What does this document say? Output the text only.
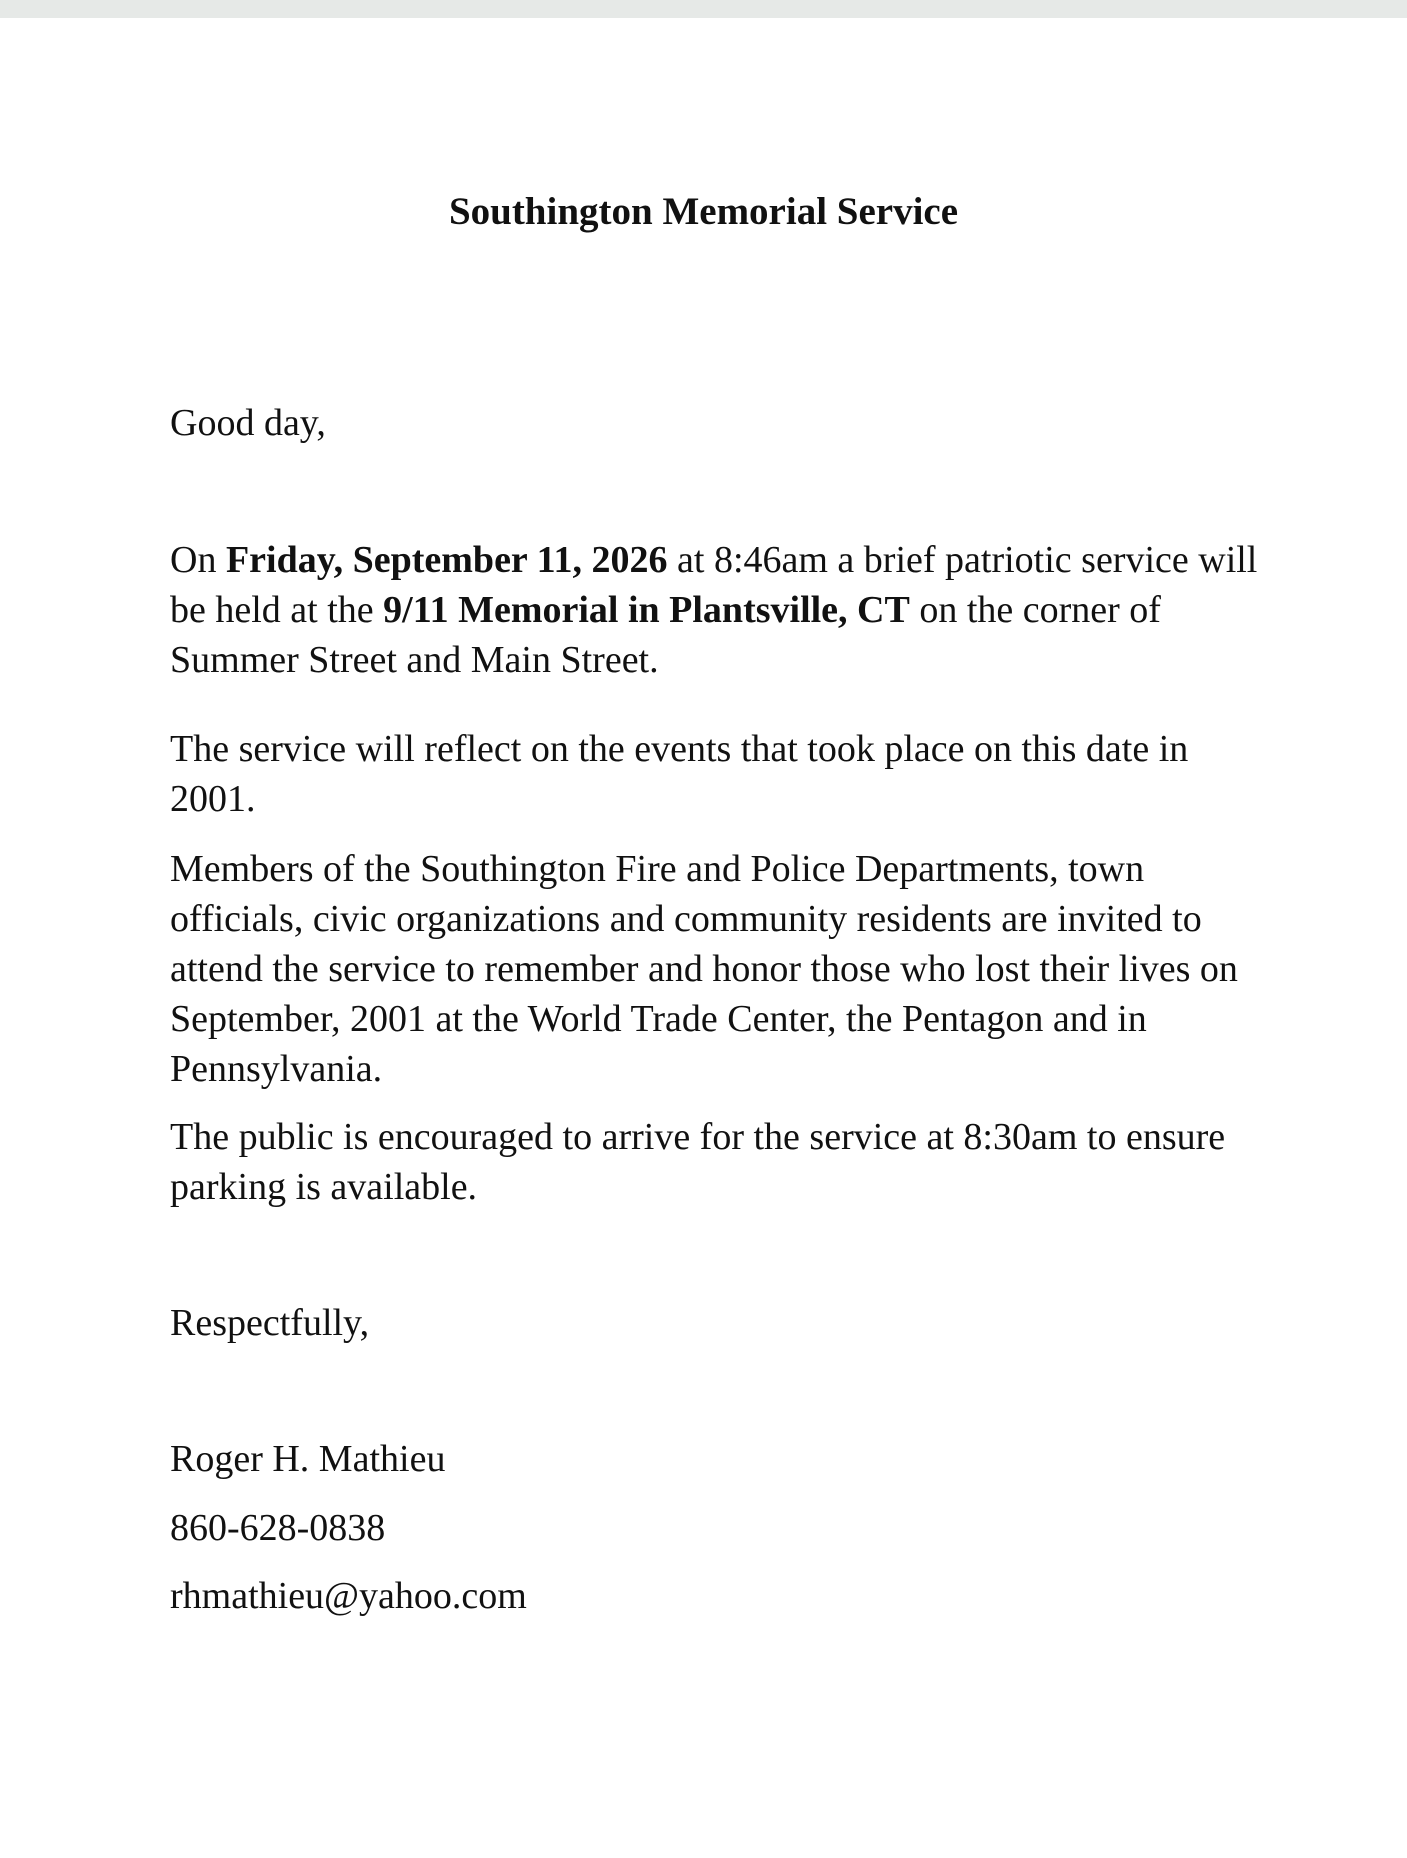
Southington Memorial Service

Good day,

On Friday, September 11, 2026 at 8:46am a brief patriotic service will be held at the 9/11 Memorial in Plantsville, CT on the corner of Summer Street and Main Street.

The service will reflect on the events that took place on this date in 2001.

Members of the Southington Fire and Police Departments, town officials, civic organizations and community residents are invited to attend the service to remember and honor those who lost their lives on September, 2001 at the World Trade Center, the Pentagon and in Pennsylvania.

The public is encouraged to arrive for the service at 8:30am to ensure parking is available.

Respectfully,

Roger H. Mathieu

860-628-0838

rhmathieu@yahoo.com
